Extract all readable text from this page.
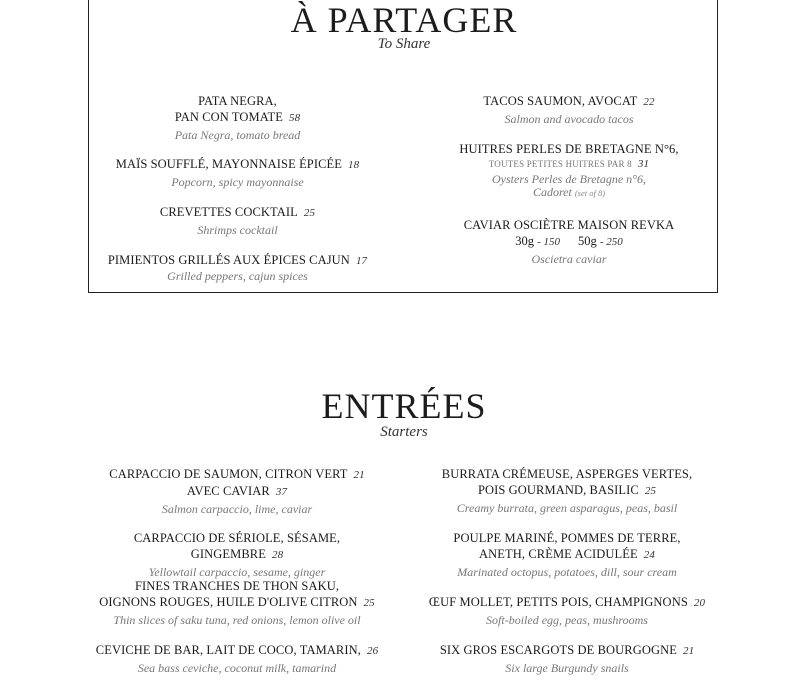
À PARTAGER
To Share
PATA NEGRA,
PAN CON TOMATE 58
Pata Negra, tomato bread
MAÏS SOUFFLÉ, MAYONNAISE ÉPICÉE 18
Popcorn, spicy mayonnaise
CREVETTES COCKTAIL 25
Shrimps cocktail
PIMIENTOS GRILLÉS AUX ÉPICES CAJUN 17
Grilled peppers, cajun spices
TACOS SAUMON, AVOCAT 22
Salmon and avocado tacos
HUITRES PERLES DE BRETAGNE N°6,
TOUTES PETITES HUITRES PAR 8 31
Oysters Perles de Bretagne n°6,
Cadoret (set of 8)
CAVIAR OSCIÈTRE MAISON REVKA
30g - 150 50g - 250
Oscietra caviar
ENTRÉES
Starters
CARPACCIO DE SAUMON, CITRON VERT 21
AVEC CAVIAR 37
Salmon carpaccio, lime, caviar
CARPACCIO DE SÉRIOLE, SÉSAME, GINGEMBRE 28
Yellowtail carpaccio, sesame, ginger
FINES TRANCHES DE THON SAKU,
OIGNONS ROUGES, HUILE D'OLIVE CITRON 25
Thin slices of saku tuna, red onions, lemon olive oil
CEVICHE DE BAR, LAIT DE COCO, TAMARIN, 26
Sea bass ceviche, coconut milk, tamarind
BURRATA CRÉMEUSE, ASPERGES VERTES,
POIS GOURMAND, BASILIC 25
Creamy burrata, green asparagus, peas, basil
POULPE MARINÉ, POMMES DE TERRE,
ANETH, CRÈME ACIDULÉE 24
Marinated octopus, potatoes, dill, sour cream
ŒUF MOLLET, PETITS POIS, CHAMPIGNONS 20
Soft-boiled egg, peas, mushrooms
SIX GROS ESCARGOTS DE BOURGOGNE 21
Six large Burgundy snails
